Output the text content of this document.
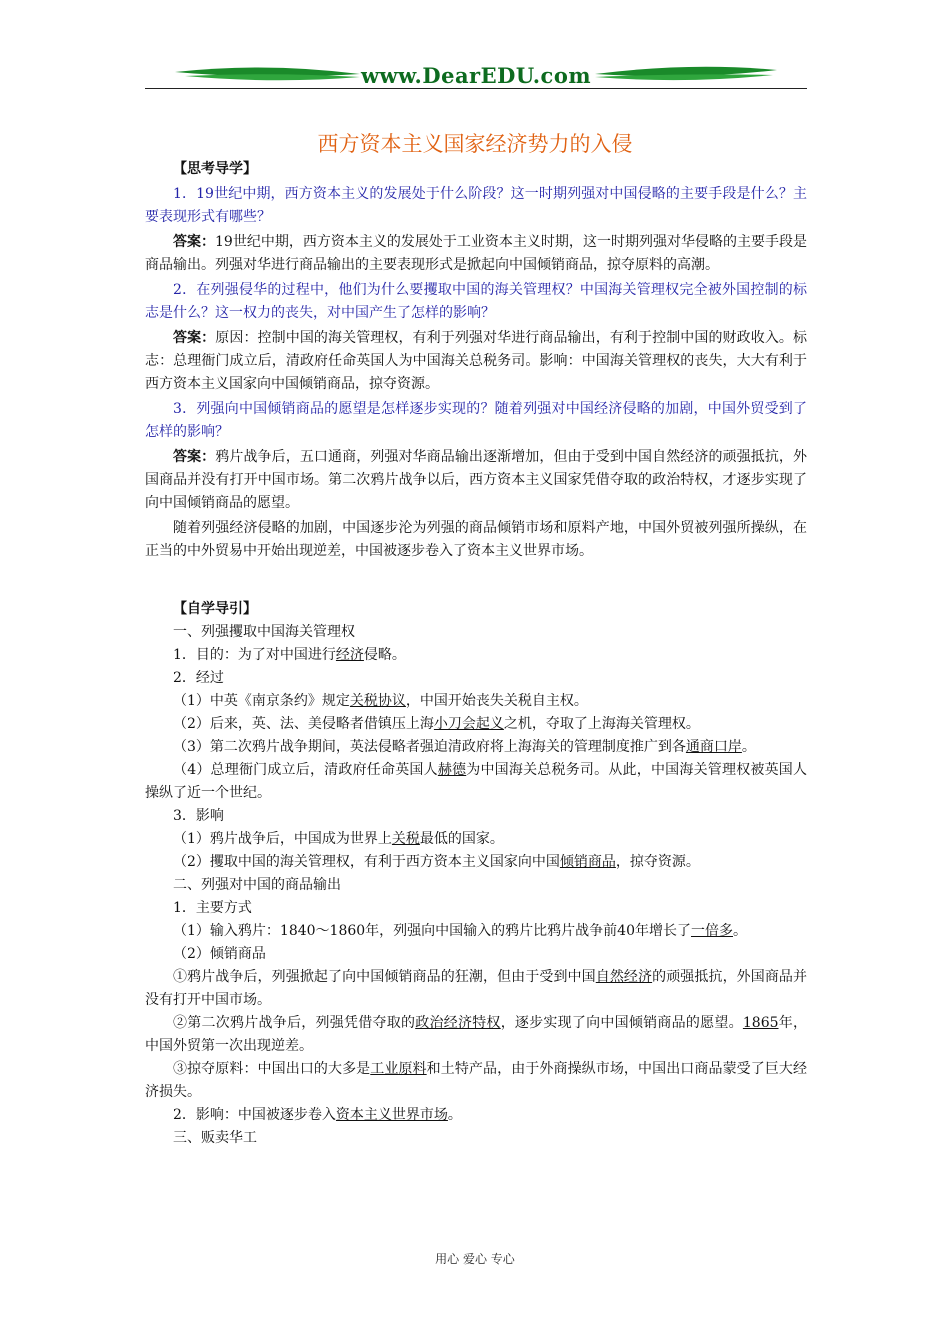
www.DearEDU.com
西方资本主义国家经济势力的入侵

【思考导学】

1．19世纪中期，西方资本主义的发展处于什么阶段？这一时期列强对中国侵略的主要手段是什么？主要表现形式有哪些？

答案：19世纪中期，西方资本主义的发展处于工业资本主义时期，这一时期列强对华侵略的主要手段是商品输出。列强对华进行商品输出的主要表现形式是掀起向中国倾销商品，掠夺原料的高潮。

2．在列强侵华的过程中，他们为什么要攫取中国的海关管理权？中国海关管理权完全被外国控制的标志是什么？这一权力的丧失，对中国产生了怎样的影响？

答案：原因：控制中国的海关管理权，有利于列强对华进行商品输出，有利于控制中国的财政收入。标志：总理衙门成立后，清政府任命英国人为中国海关总税务司。影响：中国海关管理权的丧失，大大有利于西方资本主义国家向中国倾销商品，掠夺资源。

3．列强向中国倾销商品的愿望是怎样逐步实现的？随着列强对中国经济侵略的加剧，中国外贸受到了怎样的影响？

答案：鸦片战争后，五口通商，列强对华商品输出逐渐增加，但由于受到中国自然经济的顽强抵抗，外国商品并没有打开中国市场。第二次鸦片战争以后，西方资本主义国家凭借夺取的政治特权，才逐步实现了向中国倾销商品的愿望。

随着列强经济侵略的加剧，中国逐步沦为列强的商品倾销市场和原料产地，中国外贸被列强所操纵，在正当的中外贸易中开始出现逆差，中国被逐步卷入了资本主义世界市场。

【自学导引】

一、列强攫取中国海关管理权

1．目的：为了对中国进行经济侵略。

2．经过

（1）中英《南京条约》规定关税协议，中国开始丧失关税自主权。

（2）后来，英、法、美侵略者借镇压上海小刀会起义之机，夺取了上海海关管理权。

（3）第二次鸦片战争期间，英法侵略者强迫清政府将上海海关的管理制度推广到各通商口岸。

（4）总理衙门成立后，清政府任命英国人赫德为中国海关总税务司。从此，中国海关管理权被英国人操纵了近一个世纪。

3．影响

（1）鸦片战争后，中国成为世界上关税最低的国家。

（2）攫取中国的海关管理权，有利于西方资本主义国家向中国倾销商品，掠夺资源。

二、列强对中国的商品输出

1．主要方式

（1）输入鸦片：1840～1860年，列强向中国输入的鸦片比鸦片战争前40年增长了一倍多。

（2）倾销商品

①鸦片战争后，列强掀起了向中国倾销商品的狂潮，但由于受到中国自然经济的顽强抵抗，外国商品并没有打开中国市场。

②第二次鸦片战争后，列强凭借夺取的政治经济特权，逐步实现了向中国倾销商品的愿望。1865年，中国外贸第一次出现逆差。

③掠夺原料：中国出口的大多是工业原料和土特产品，由于外商操纵市场，中国出口商品蒙受了巨大经济损失。

2．影响：中国被逐步卷入资本主义世界市场。

三、贩卖华工

用心 爱心 专心
